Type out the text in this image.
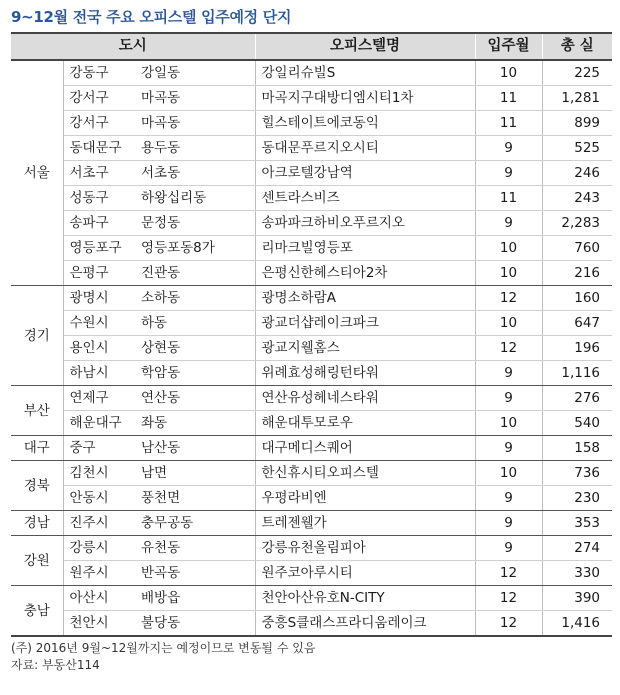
9~12월 전국 주요 오피스텔 입주예정 단지
도시			오피스텔명	입주월	총 실
서울	강동구	강일동	강일리슈빌S	10	225
	강서구	마곡동	마곡지구대방디엠시티1차	11	1,281
	강서구	마곡동	힐스테이트에코동익	11	899
	동대문구	용두동	동대문푸르지오시티	9	525
	서초구	서초동	아크로텔강남역	9	246
	성동구	하왕십리동	센트라스비즈	11	243
	송파구	문정동	송파파크하비오푸르지오	9	2,283
	영등포구	영등포동8가	리마크빌영등포	10	760
	은평구	진관동	은평신한헤스티아2차	10	216
경기	광명시	소하동	광명소하람A	12	160
	수원시	하동	광교더샵레이크파크	10	647
	용인시	상현동	광교지웰홈스	12	196
	하남시	학암동	위례효성해링턴타워	9	1,116
부산	연제구	연산동	연산유성헤네스타워	9	276
	해운대구	좌동	해운대투모로우	10	540
대구	중구	남산동	대구메디스퀘어	9	158
경북	김천시	남면	한신휴시티오피스텔	10	736
	안동시	풍천면	우평라비엔	9	230
경남	진주시	충무공동	트레젠웰가	9	353
강원	강릉시	유천동	강릉유천올림피아	9	274
	원주시	반곡동	원주코아루시티	12	330
충남	아산시	배방읍	천안아산유호N-CITY	12	390
	천안시	불당동	중흥S클래스프라디움레이크	12	1,416
(주) 2016년 9월~12월까지는 예정이므로 변동될 수 있음
자료: 부동산114
